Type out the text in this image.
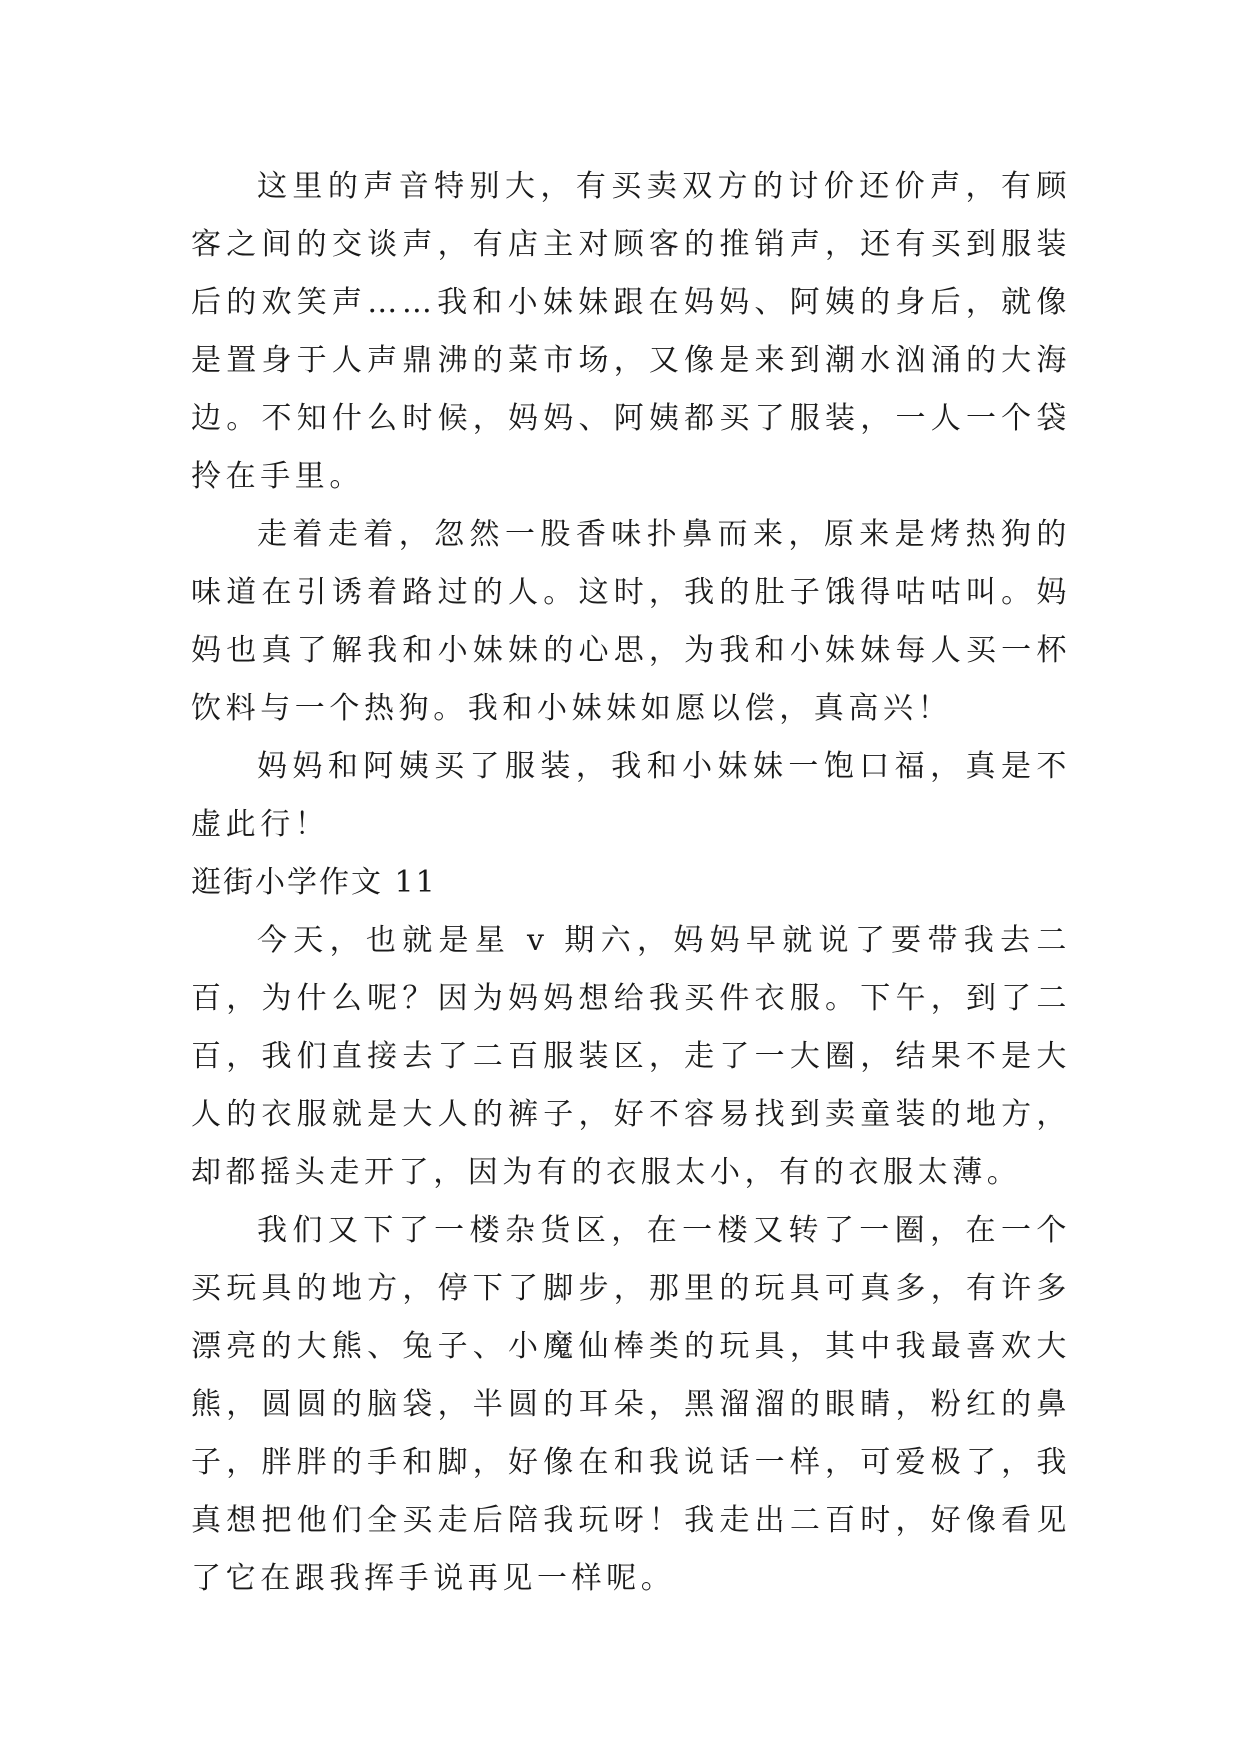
这里的声音特别大，有买卖双方的讨价还价声，有顾客之间的交谈声，有店主对顾客的推销声，还有买到服装后的欢笑声……我和小妹妹跟在妈妈、阿姨的身后，就像是置身于人声鼎沸的菜市场，又像是来到潮水汹涌的大海边。不知什么时候，妈妈、阿姨都买了服装，一人一个袋拎在手里。

走着走着，忽然一股香味扑鼻而来，原来是烤热狗的味道在引诱着路过的人。这时，我的肚子饿得咕咕叫。妈妈也真了解我和小妹妹的心思，为我和小妹妹每人买一杯饮料与一个热狗。我和小妹妹如愿以偿，真高兴！

妈妈和阿姨买了服装，我和小妹妹一饱口福，真是不虚此行！

逛街小学作文 11

今天，也就是星 v 期六，妈妈早就说了要带我去二百，为什么呢？因为妈妈想给我买件衣服。下午，到了二百，我们直接去了二百服装区，走了一大圈，结果不是大人的衣服就是大人的裤子，好不容易找到卖童装的地方，却都摇头走开了，因为有的衣服太小，有的衣服太薄。

我们又下了一楼杂货区，在一楼又转了一圈，在一个买玩具的地方，停下了脚步，那里的玩具可真多，有许多漂亮的大熊、兔子、小魔仙棒类的玩具，其中我最喜欢大熊，圆圆的脑袋，半圆的耳朵，黑溜溜的眼睛，粉红的鼻子，胖胖的手和脚，好像在和我说话一样，可爱极了，我真想把他们全买走后陪我玩呀！我走出二百时，好像看见了它在跟我挥手说再见一样呢。
